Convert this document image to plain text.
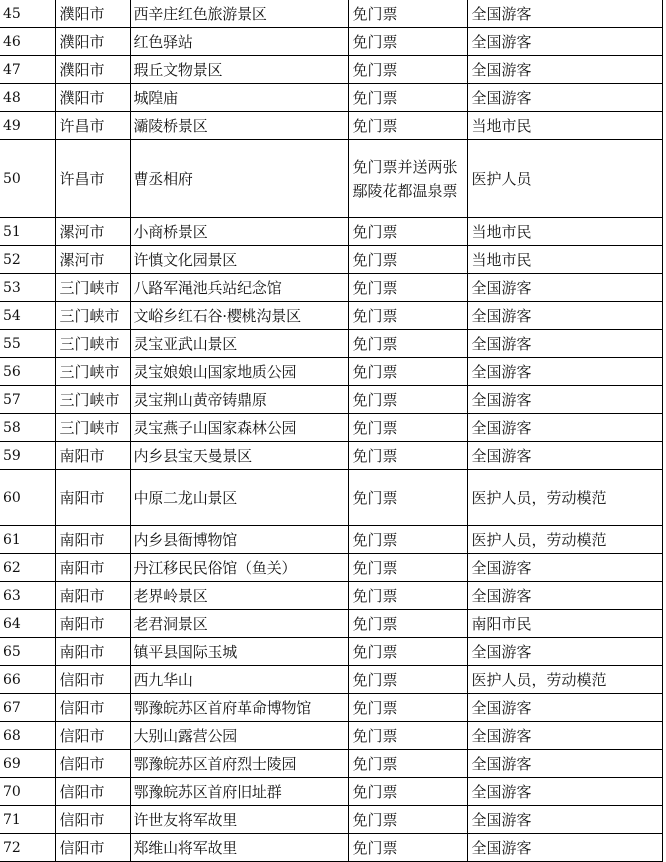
45	濮阳市	西辛庄红色旅游景区	免门票	全国游客
46	濮阳市	红色驿站	免门票	全国游客
47	濮阳市	瑕丘文物景区	免门票	全国游客
48	濮阳市	城隍庙	免门票	全国游客
49	许昌市	灞陵桥景区	免门票	当地市民
50	许昌市	曹丞相府	免门票并送两张鄢陵花都温泉票	医护人员
51	漯河市	小商桥景区	免门票	当地市民
52	漯河市	许慎文化园景区	免门票	当地市民
53	三门峡市	八路军渑池兵站纪念馆	免门票	全国游客
54	三门峡市	文峪乡红石谷·樱桃沟景区	免门票	全国游客
55	三门峡市	灵宝亚武山景区	免门票	全国游客
56	三门峡市	灵宝娘娘山国家地质公园	免门票	全国游客
57	三门峡市	灵宝荆山黄帝铸鼎原	免门票	全国游客
58	三门峡市	灵宝燕子山国家森林公园	免门票	全国游客
59	南阳市	内乡县宝天曼景区	免门票	全国游客
60	南阳市	中原二龙山景区	免门票	医护人员，劳动模范
61	南阳市	内乡县衙博物馆	免门票	医护人员，劳动模范
62	南阳市	丹江移民民俗馆（鱼关）	免门票	全国游客
63	南阳市	老界岭景区	免门票	全国游客
64	南阳市	老君洞景区	免门票	南阳市民
65	南阳市	镇平县国际玉城	免门票	全国游客
66	信阳市	西九华山	免门票	医护人员，劳动模范
67	信阳市	鄂豫皖苏区首府革命博物馆	免门票	全国游客
68	信阳市	大别山露营公园	免门票	全国游客
69	信阳市	鄂豫皖苏区首府烈士陵园	免门票	全国游客
70	信阳市	鄂豫皖苏区首府旧址群	免门票	全国游客
71	信阳市	许世友将军故里	免门票	全国游客
72	信阳市	郑维山将军故里	免门票	全国游客
